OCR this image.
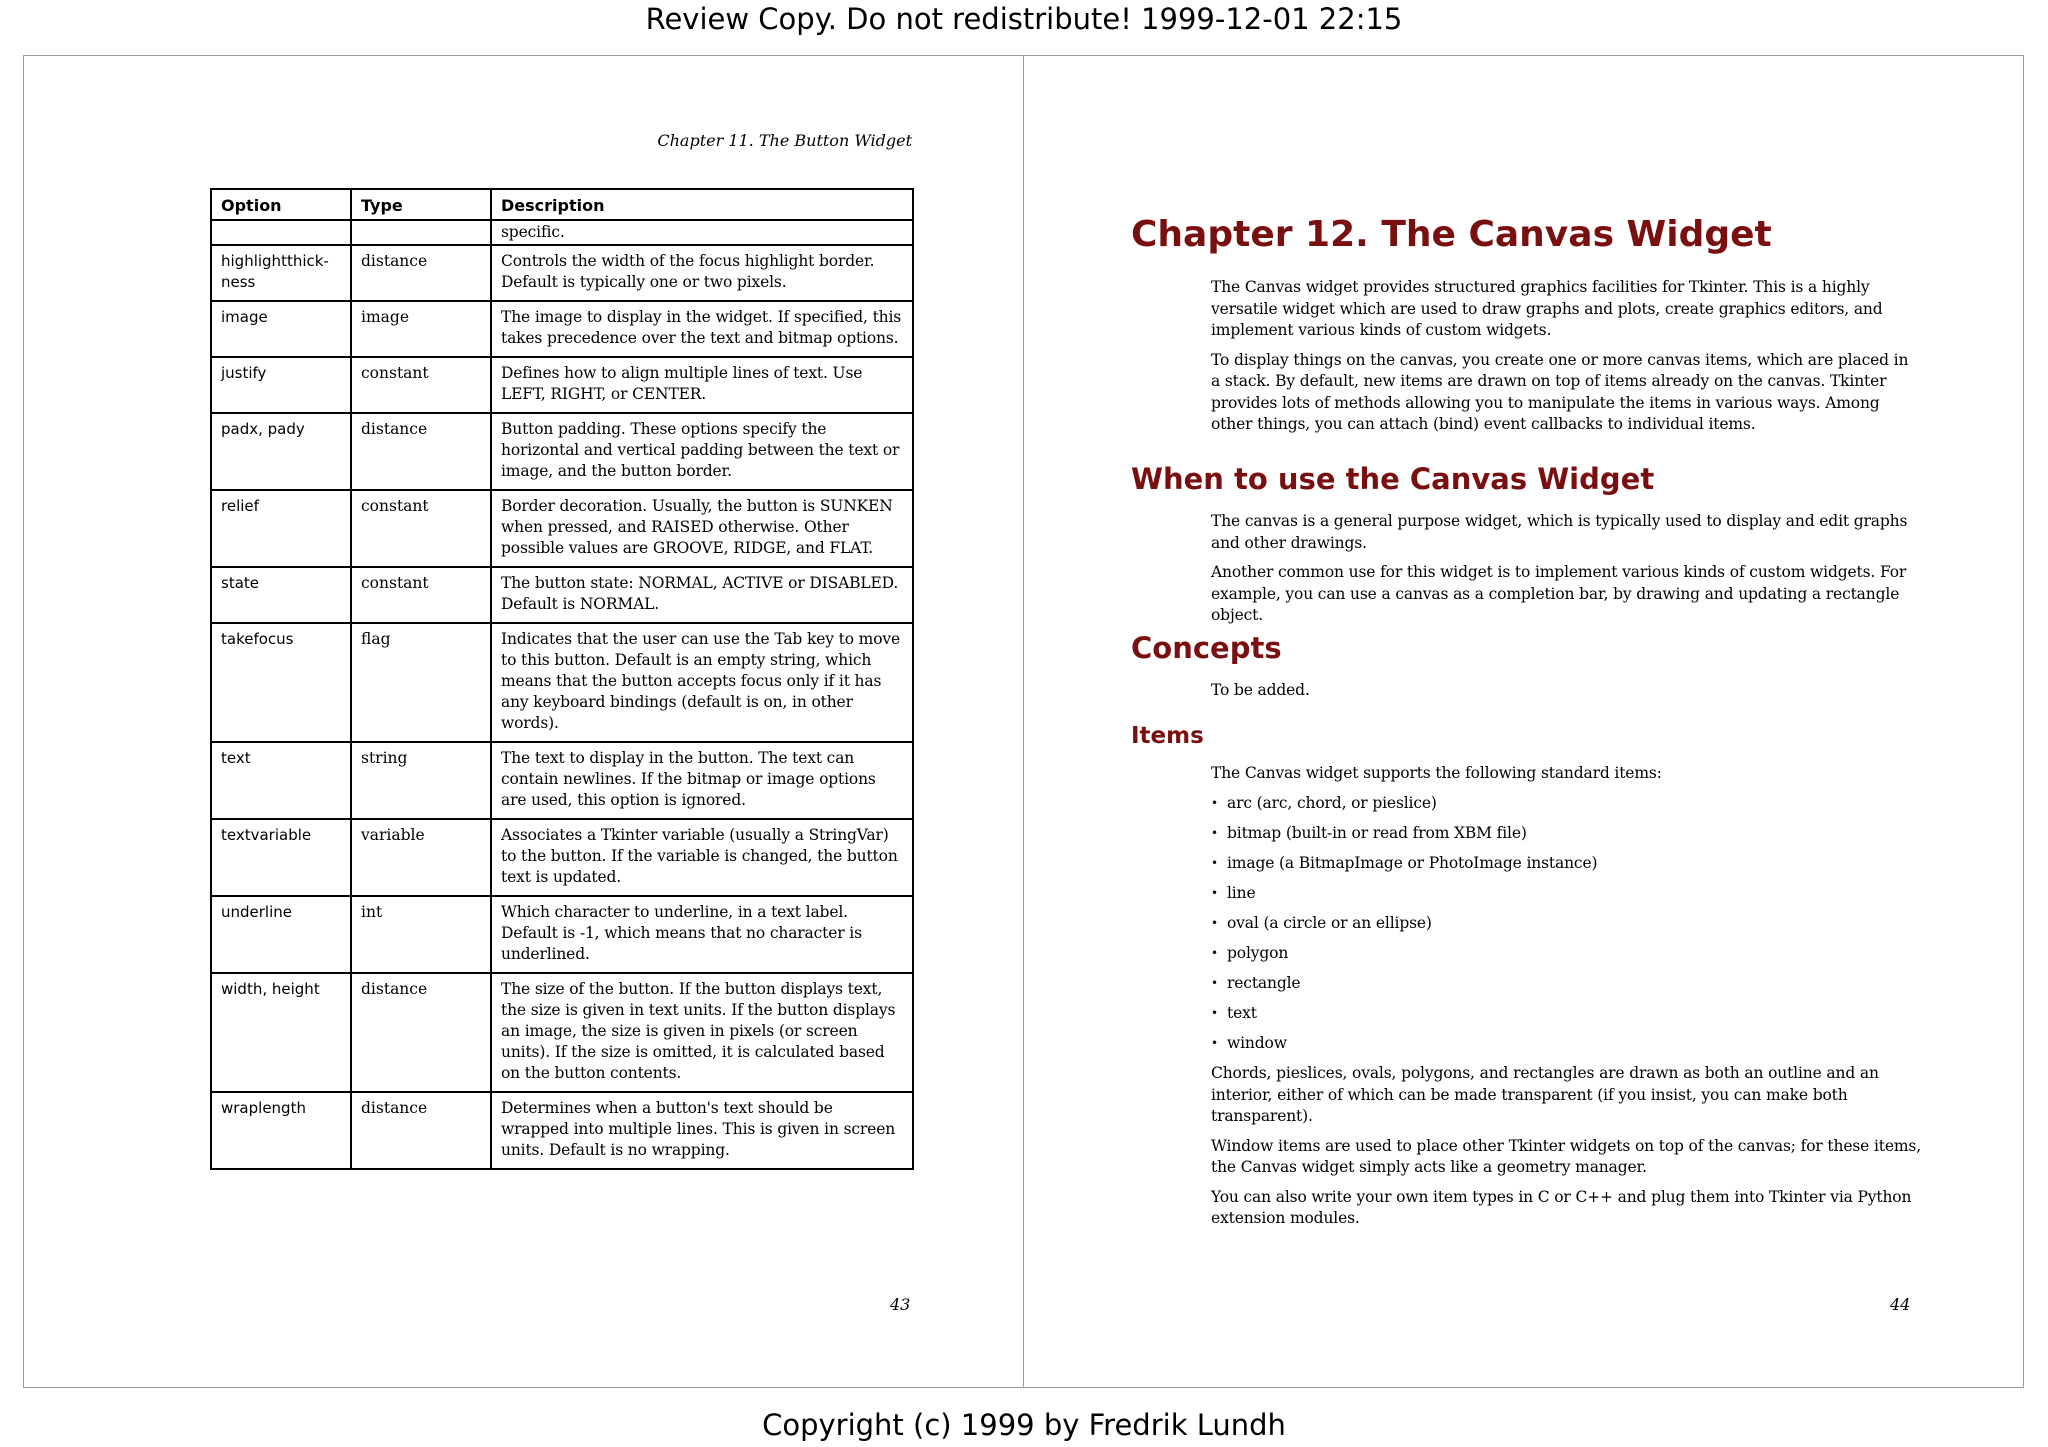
Review Copy. Do not redistribute! 1999-12-01 22:15
Chapter 11. The Button Widget
Option	Type	Description
		specific.
highlightthick-ness	distance	Controls the width of the focus highlight border. Default is typically one or two pixels.
image	image	The image to display in the widget. If specified, this takes precedence over the text and bitmap options.
justify	constant	Defines how to align multiple lines of text. Use LEFT, RIGHT, or CENTER.
padx, pady	distance	Button padding. These options specify the horizontal and vertical padding between the text or image, and the button border.
relief	constant	Border decoration. Usually, the button is SUNKEN when pressed, and RAISED otherwise. Other possible values are GROOVE, RIDGE, and FLAT.
state	constant	The button state: NORMAL, ACTIVE or DISABLED. Default is NORMAL.
takefocus	flag	Indicates that the user can use the Tab key to move to this button. Default is an empty string, which means that the button accepts focus only if it has any keyboard bindings (default is on, in other words).
text	string	The text to display in the button. The text can contain newlines. If the bitmap or image options are used, this option is ignored.
textvariable	variable	Associates a Tkinter variable (usually a StringVar) to the button. If the variable is changed, the button text is updated.
underline	int	Which character to underline, in a text label. Default is -1, which means that no character is underlined.
width, height	distance	The size of the button. If the button displays text, the size is given in text units. If the button displays an image, the size is given in pixels (or screen units). If the size is omitted, it is calculated based on the button contents.
wraplength	distance	Determines when a button's text should be wrapped into multiple lines. This is given in screen units. Default is no wrapping.
43
Chapter 12. The Canvas Widget

The Canvas widget provides structured graphics facilities for Tkinter. This is a highly versatile widget which are used to draw graphs and plots, create graphics editors, and implement various kinds of custom widgets.

To display things on the canvas, you create one or more canvas items, which are placed in a stack. By default, new items are drawn on top of items already on the canvas. Tkinter provides lots of methods allowing you to manipulate the items in various ways. Among other things, you can attach (bind) event callbacks to individual items.

When to use the Canvas Widget

The canvas is a general purpose widget, which is typically used to display and edit graphs and other drawings.

Another common use for this widget is to implement various kinds of custom widgets. For example, you can use a canvas as a completion bar, by drawing and updating a rectangle object.

Concepts

To be added.

Items

The Canvas widget supports the following standard items:

• arc (arc, chord, or pieslice)
• bitmap (built-in or read from XBM file)
• image (a BitmapImage or PhotoImage instance)
• line
• oval (a circle or an ellipse)
• polygon
• rectangle
• text
• window

Chords, pieslices, ovals, polygons, and rectangles are drawn as both an outline and an interior, either of which can be made transparent (if you insist, you can make both transparent).

Window items are used to place other Tkinter widgets on top of the canvas; for these items, the Canvas widget simply acts like a geometry manager.

You can also write your own item types in C or C++ and plug them into Tkinter via Python extension modules.

44
Copyright (c) 1999 by Fredrik Lundh
